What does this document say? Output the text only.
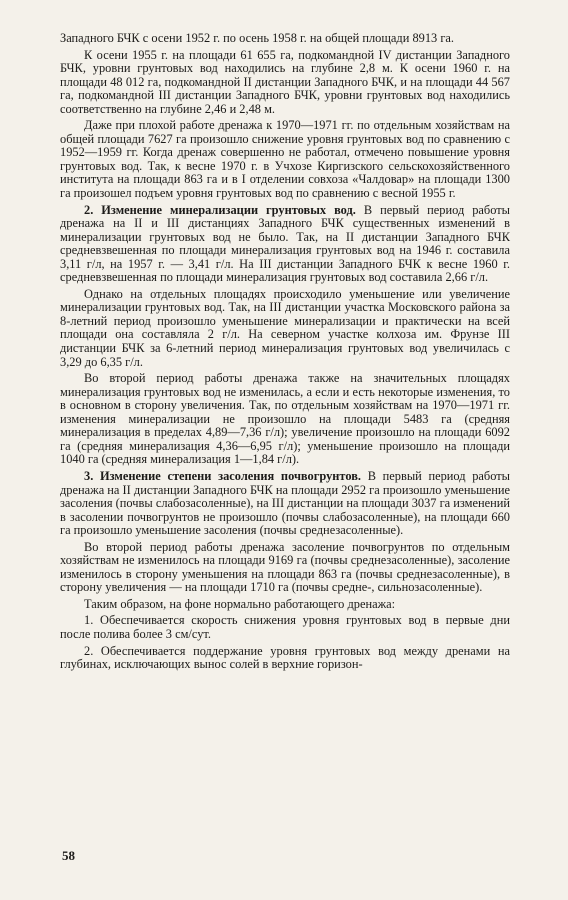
Западного БЧК с осени 1952 г. по осень 1958 г. на общей площади 8913 га.

К осени 1955 г. на площади 61 655 га, подкомандной IV дистанции Западного БЧК, уровни грунтовых вод находились на глубине 2,8 м. К осени 1960 г. на площади 48 012 га, подкомандной II дистанции Западного БЧК, и на площади 44 567 га, подкомандной III дистанции Западного БЧК, уровни грунтовых вод находились соответственно на глубине 2,46 и 2,48 м.

Даже при плохой работе дренажа к 1970—1971 гг. по отдельным хозяйствам на общей площади 7627 га произошло снижение уровня грунтовых вод по сравнению с 1952—1959 гг. Когда дренаж совершенно не работал, отмечено повышение уровня грунтовых вод. Так, к весне 1970 г. в Учхозе Киргизского сельскохозяйственного института на площади 863 га и в I отделении совхоза «Чалдовар» на площади 1300 га произошел подъем уровня грунтовых вод по сравнению с весной 1955 г.

2. Изменение минерализации грунтовых вод. В первый период работы дренажа на II и III дистанциях Западного БЧК существенных изменений в минерализации грунтовых вод не было. Так, на II дистанции Западного БЧК средневзвешенная по площади минерализация грунтовых вод на 1946 г. составила 3,11 г/л, на 1957 г. — 3,41 г/л. На III дистанции Западного БЧК к весне 1960 г. средневзвешенная по площади минерализация грунтовых вод составила 2,66 г/л.

Однако на отдельных площадях происходило уменьшение или увеличение минерализации грунтовых вод. Так, на III дистанции участка Московского района за 8-летний период произошло уменьшение минерализации и практически на всей площади она составляла 2 г/л. На северном участке колхоза им. Фрунзе III дистанции БЧК за 6-летний период минерализация грунтовых вод увеличилась с 3,29 до 6,35 г/л.

Во второй период работы дренажа также на значительных площадях минерализация грунтовых вод не изменилась, а если и есть некоторые изменения, то в основном в сторону увеличения. Так, по отдельным хозяйствам на 1970—1971 гг. изменения минерализации не произошло на площади 5483 га (средняя минерализация в пределах 4,89—7,36 г/л); увеличение произошло на площади 6092 га (средняя минерализация 4,36—6,95 г/л); уменьшение произошло на площади 1040 га (средняя минерализация 1—1,84 г/л).

3. Изменение степени засоления почвогрунтов. В первый период работы дренажа на II дистанции Западного БЧК на площади 2952 га произошло уменьшение засоления (почвы слабозасоленные), на III дистанции на площади 3037 га изменений в засолении почвогрунтов не произошло (почвы слабозасоленные), на площади 660 га произошло уменьшение засоления (почвы среднезасоленные).

Во второй период работы дренажа засоление почвогрунтов по отдельным хозяйствам не изменилось на площади 9169 га (почвы среднезасоленные), засоление изменилось в сторону уменьшения на площади 863 га (почвы среднезасоленные), в сторону увеличения — на площади 1710 га (почвы средне-, сильнозасоленные).

Таким образом, на фоне нормально работающего дренажа:

1. Обеспечивается скорость снижения уровня грунтовых вод в первые дни после полива более 3 см/сут.

2. Обеспечивается поддержание уровня грунтовых вод между дренами на глубинах, исключающих вынос солей в верхние горизон-

58
